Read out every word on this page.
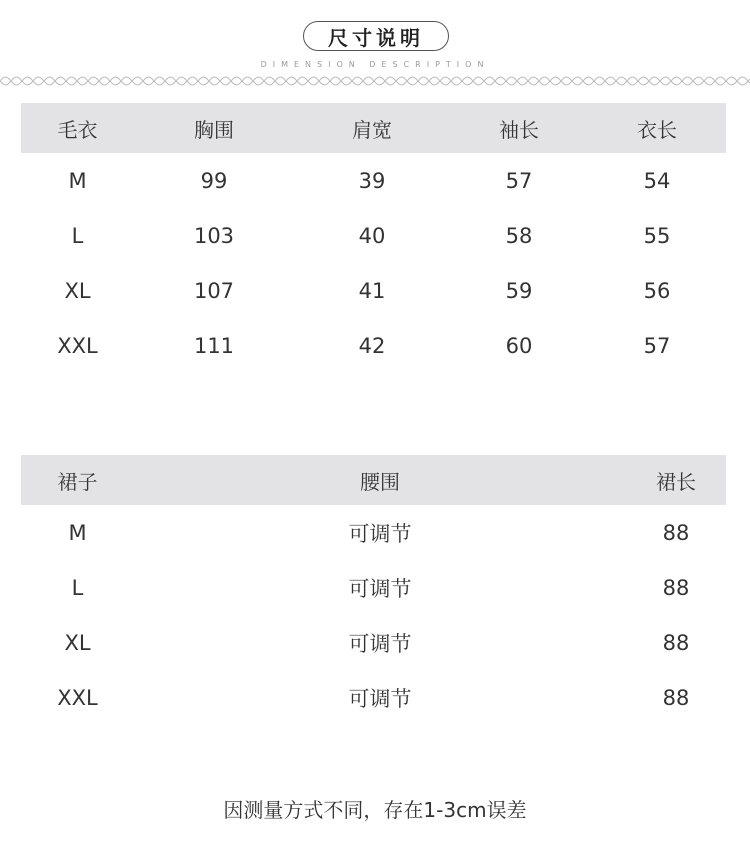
尺寸说明
DIMENSION DESCRIPTION
毛衣	胸围	肩宽	袖长	衣长
M	99	39	57	54
L	103	40	58	55
XL	107	41	59	56
XXL	111	42	60	57
裙子	腰围	裙长
M	可调节	88
L	可调节	88
XL	可调节	88
XXL	可调节	88
因测量方式不同，存在1-3cm误差
